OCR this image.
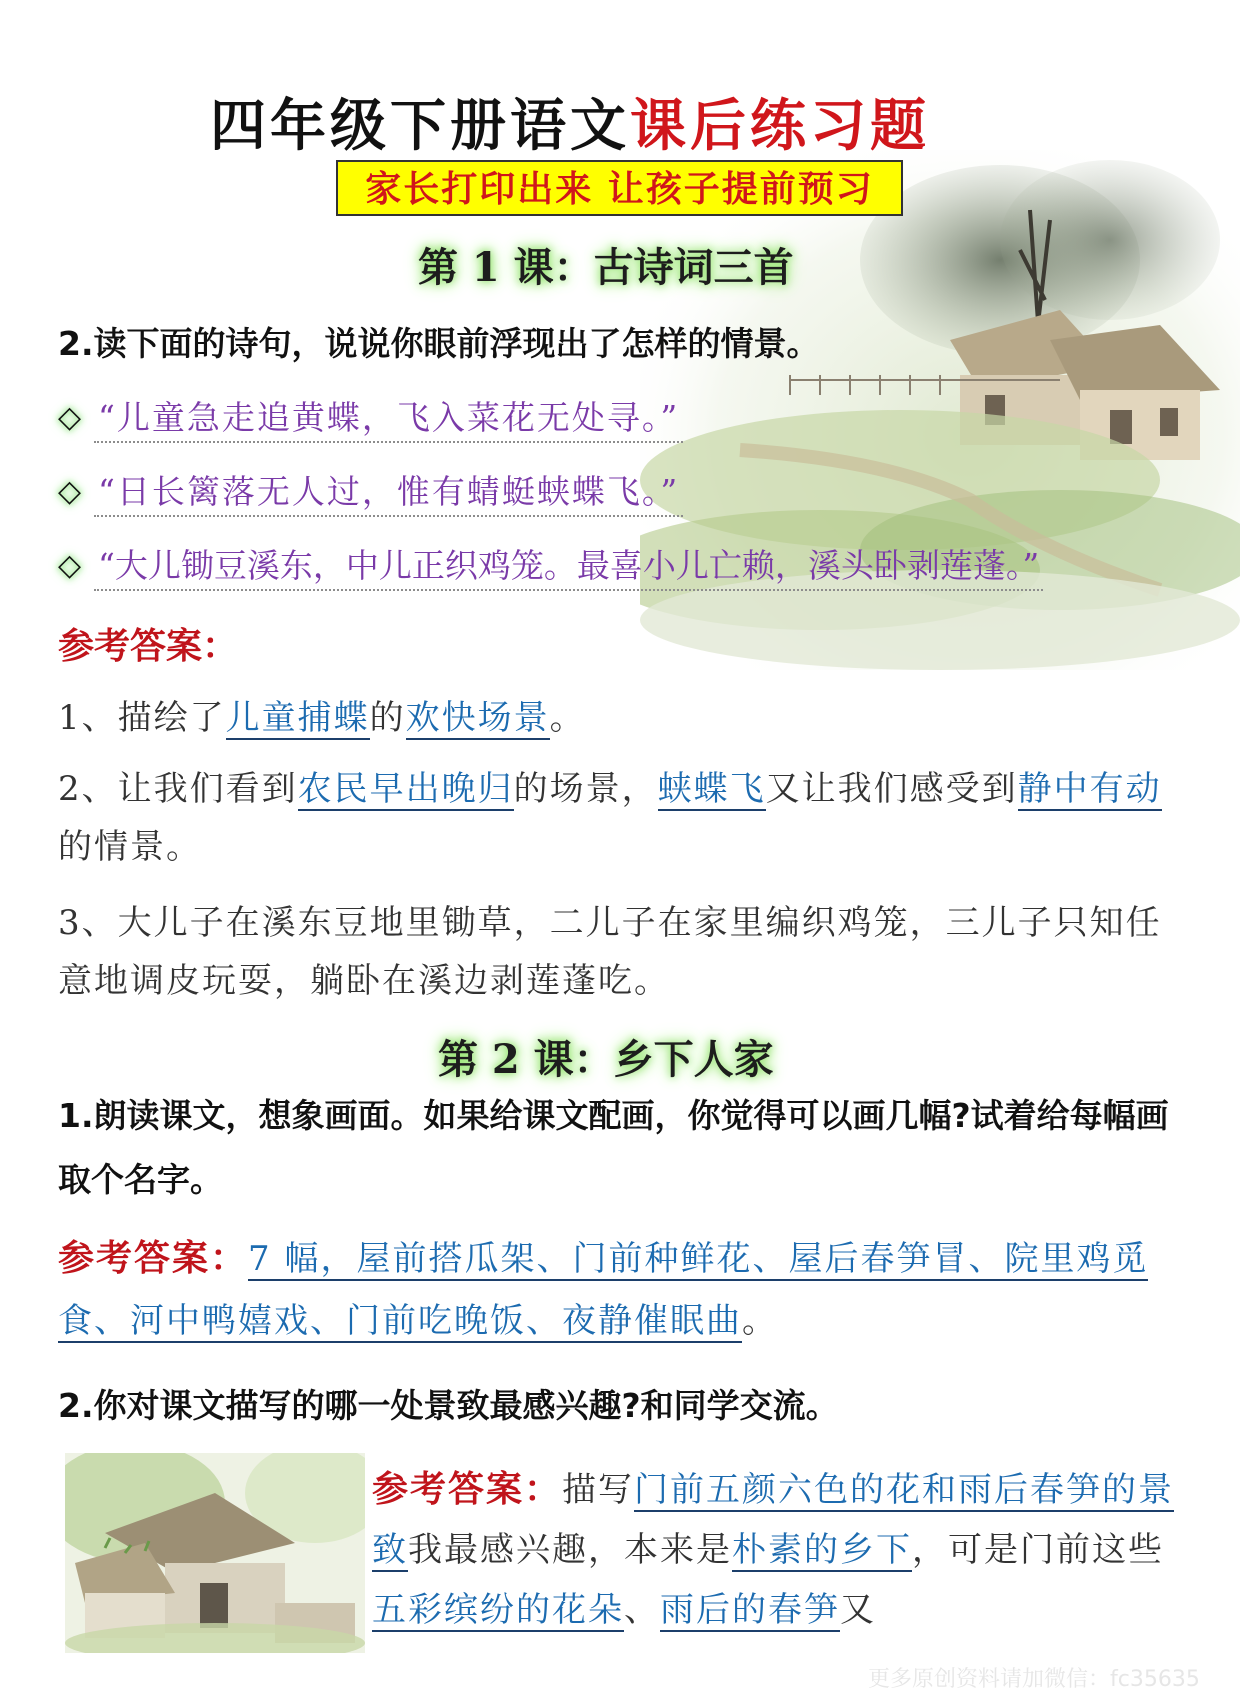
四年级下册语文课后练习题
家长打印出来 让孩子提前预习
第 1 课：古诗词三首
2.读下面的诗句，说说你眼前浮现出了怎样的情景。
◇ “儿童急走追黄蝶，飞入菜花无处寻。”
◇ “日长篱落无人过，惟有蜻蜓蛱蝶飞。”
◇ “大儿锄豆溪东，中儿正织鸡笼。最喜小儿亡赖，溪头卧剥莲蓬。”
参考答案：
1、描绘了儿童捕蝶的欢快场景。
2、让我们看到农民早出晚归的场景，蛱蝶飞又让我们感受到静中有动的情景。
3、大儿子在溪东豆地里锄草，二儿子在家里编织鸡笼，三儿子只知任意地调皮玩耍，躺卧在溪边剥莲蓬吃。
第 2 课：乡下人家
1.朗读课文，想象画面。如果给课文配画，你觉得可以画几幅?试着给每幅画取个名字。
参考答案：7 幅，屋前搭瓜架、门前种鲜花、屋后春笋冒、院里鸡觅食、河中鸭嬉戏、门前吃晚饭、夜静催眠曲。
2.你对课文描写的哪一处景致最感兴趣?和同学交流。
参考答案：描写门前五颜六色的花和雨后春笋的景致我最感兴趣，本来是朴素的乡下，可是门前这些五彩缤纷的花朵、雨后的春笋又
更多原创资料请加微信：fc35635
